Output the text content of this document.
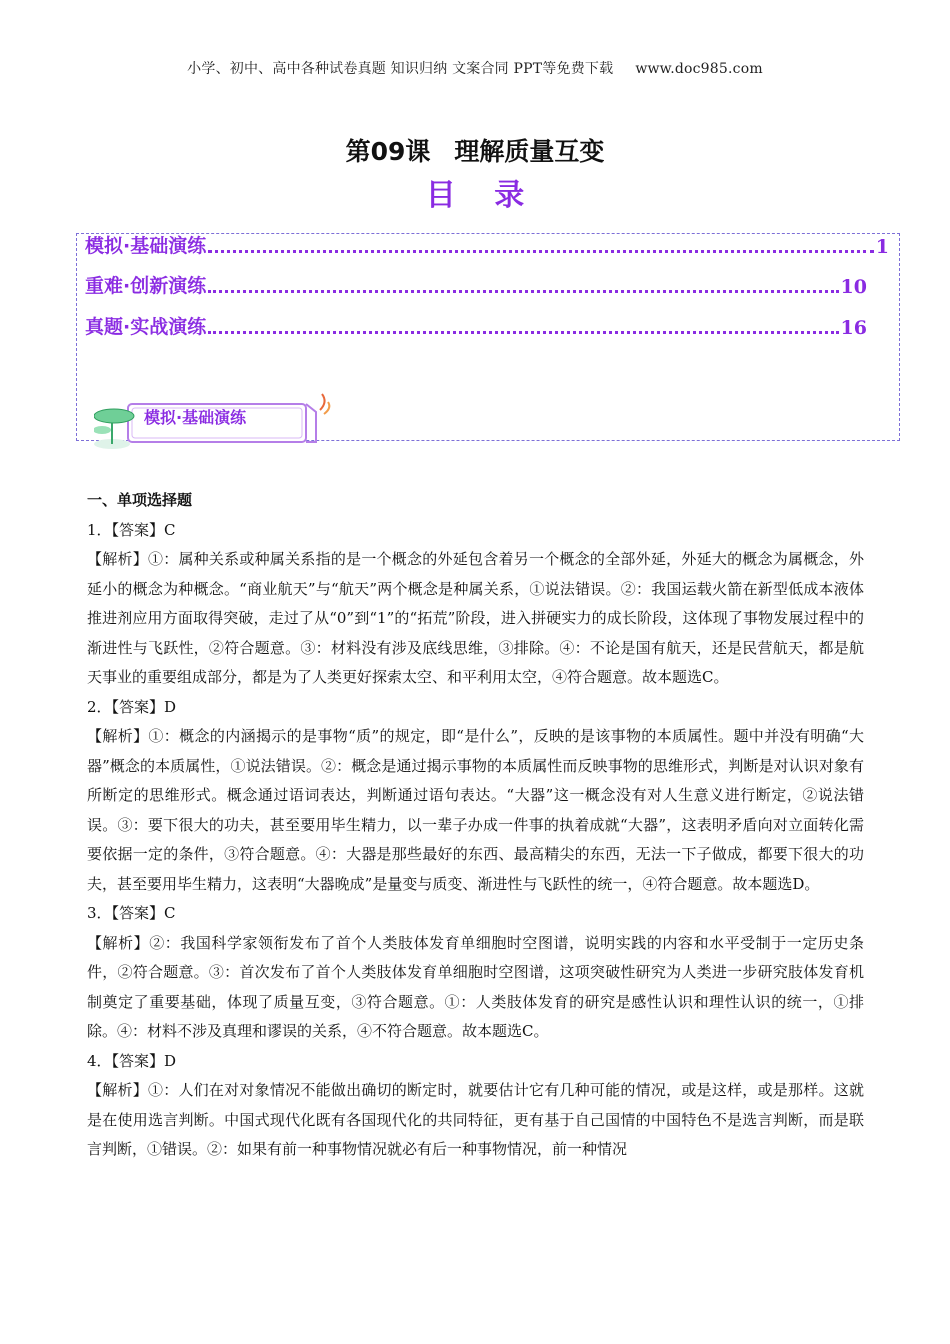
小学、初中、高中各种试卷真题 知识归纳 文案合同 PPT等免费下载 www.doc985.com
第09课 理解质量互变
目 录
模拟·基础演练	1
重难·创新演练	10
真题·实战演练	16
模拟·基础演练
一、单项选择题
1．【答案】C
【解析】①：属种关系或种属关系指的是一个概念的外延包含着另一个概念的全部外延，外延大的概念为属概念，外延小的概念为种概念。“商业航天”与“航天”两个概念是种属关系，①说法错误。②：我国运载火箭在新型低成本液体推进剂应用方面取得突破，走过了从“0”到“1”的“拓荒”阶段，进入拼硬实力的成长阶段，这体现了事物发展过程中的渐进性与飞跃性，②符合题意。③：材料没有涉及底线思维，③排除。④：不论是国有航天，还是民营航天，都是航天事业的重要组成部分，都是为了人类更好探索太空、和平利用太空，④符合题意。故本题选C。
2．【答案】D
【解析】①：概念的内涵揭示的是事物“质”的规定，即“是什么”，反映的是该事物的本质属性。题中并没有明确“大器”概念的本质属性，①说法错误。②：概念是通过揭示事物的本质属性而反映事物的思维形式，判断是对认识对象有所断定的思维形式。概念通过语词表达，判断通过语句表达。“大器”这一概念没有对人生意义进行断定，②说法错误。③：要下很大的功夫，甚至要用毕生精力，以一辈子办成一件事的执着成就“大器”，这表明矛盾向对立面转化需要依据一定的条件，③符合题意。④：大器是那些最好的东西、最高精尖的东西，无法一下子做成，都要下很大的功夫，甚至要用毕生精力，这表明“大器晚成”是量变与质变、渐进性与飞跃性的统一，④符合题意。故本题选D。
3．【答案】C
【解析】②：我国科学家领衔发布了首个人类肢体发育单细胞时空图谱，说明实践的内容和水平受制于一定历史条件，②符合题意。③：首次发布了首个人类肢体发育单细胞时空图谱，这项突破性研究为人类进一步研究肢体发育机制奠定了重要基础，体现了质量互变，③符合题意。①：人类肢体发育的研究是感性认识和理性认识的统一，①排除。④：材料不涉及真理和谬误的关系，④不符合题意。故本题选C。
4．【答案】D
【解析】①：人们在对对象情况不能做出确切的断定时，就要估计它有几种可能的情况，或是这样，或是那样。这就是在使用选言判断。中国式现代化既有各国现代化的共同特征，更有基于自己国情的中国特色不是选言判断，而是联言判断，①错误。②：如果有前一种事物情况就必有后一种事物情况，前一种情况
